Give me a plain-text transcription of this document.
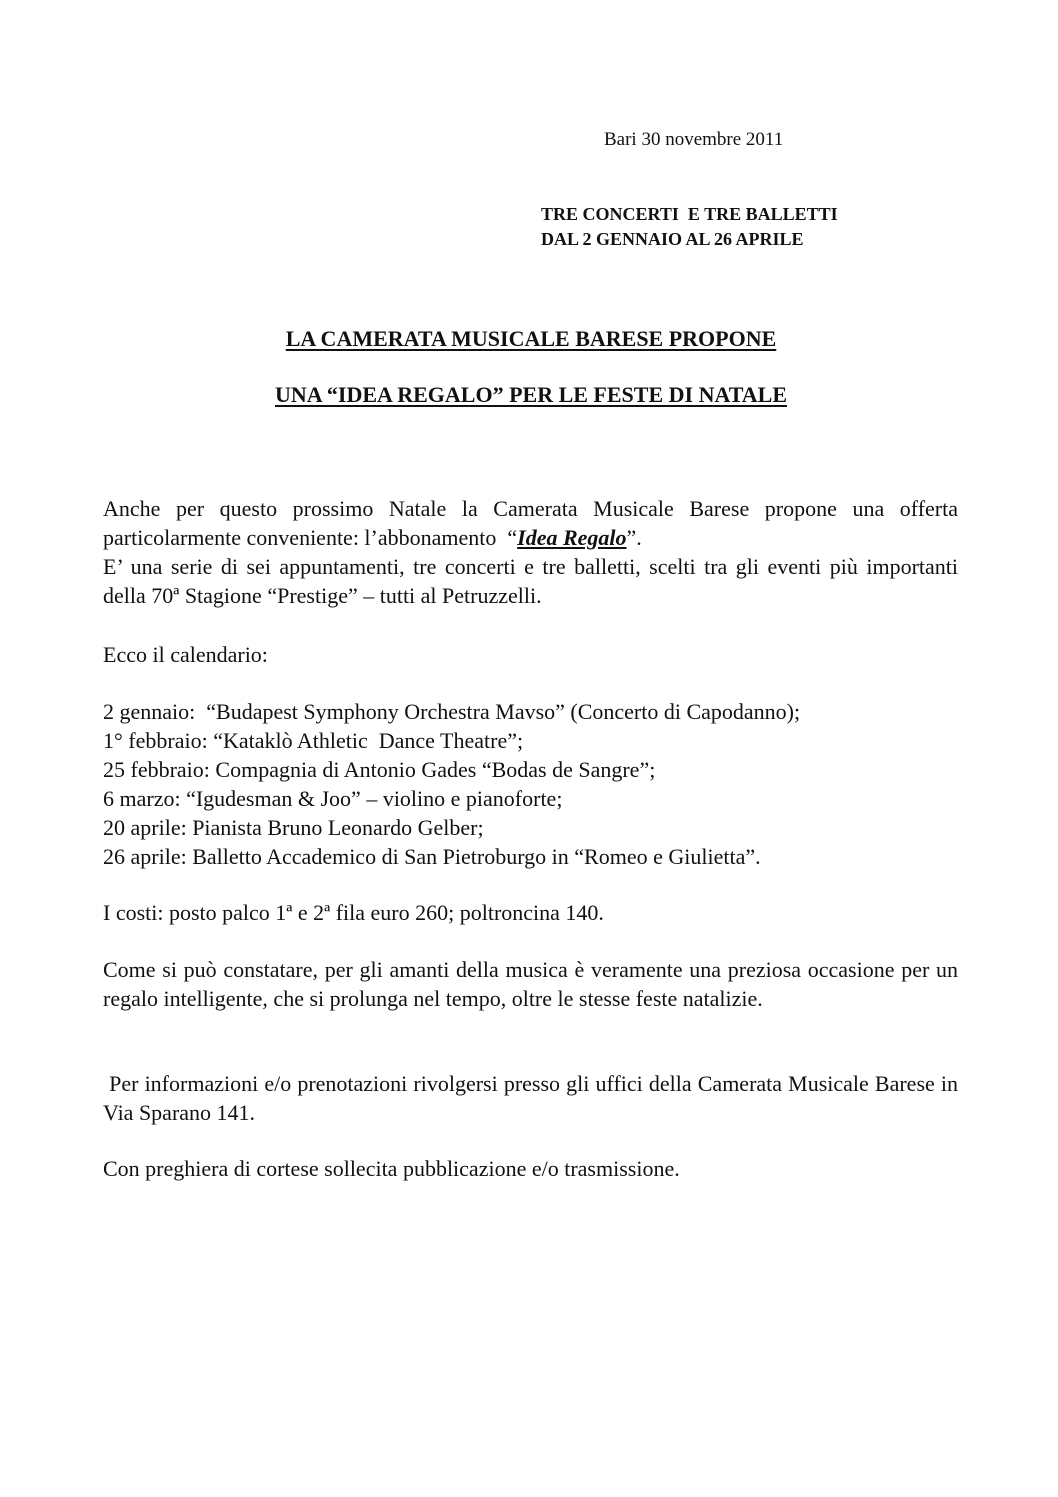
Bari 30 novembre 2011
TRE CONCERTI  E TRE BALLETTI
DAL 2 GENNAIO AL 26 APRILE
LA CAMERATA MUSICALE BARESE PROPONE
UNA “IDEA REGALO” PER LE FESTE DI NATALE
Anche per questo prossimo Natale la Camerata Musicale Barese propone una offerta particolarmente conveniente: l’abbonamento  “Idea Regalo”.
E’ una serie di sei appuntamenti, tre concerti e tre balletti, scelti tra gli eventi più importanti della 70ª Stagione “Prestige” – tutti al Petruzzelli.
Ecco il calendario:
2 gennaio:  “Budapest Symphony Orchestra Mavso” (Concerto di Capodanno);
1° febbraio: “Kataklò Athletic  Dance Theatre”;
25 febbraio: Compagnia di Antonio Gades “Bodas de Sangre”;
6 marzo: “Igudesman & Joo” – violino e pianoforte;
20 aprile: Pianista Bruno Leonardo Gelber;
26 aprile: Balletto Accademico di San Pietroburgo in “Romeo e Giulietta”.
I costi: posto palco 1ª e 2ª fila euro 260; poltroncina 140.
Come si può constatare, per gli amanti della musica è veramente una preziosa occasione per un regalo intelligente, che si prolunga nel tempo, oltre le stesse feste natalizie.
Per informazioni e/o prenotazioni rivolgersi presso gli uffici della Camerata Musicale Barese in Via Sparano 141.
Con preghiera di cortese sollecita pubblicazione e/o trasmissione.
